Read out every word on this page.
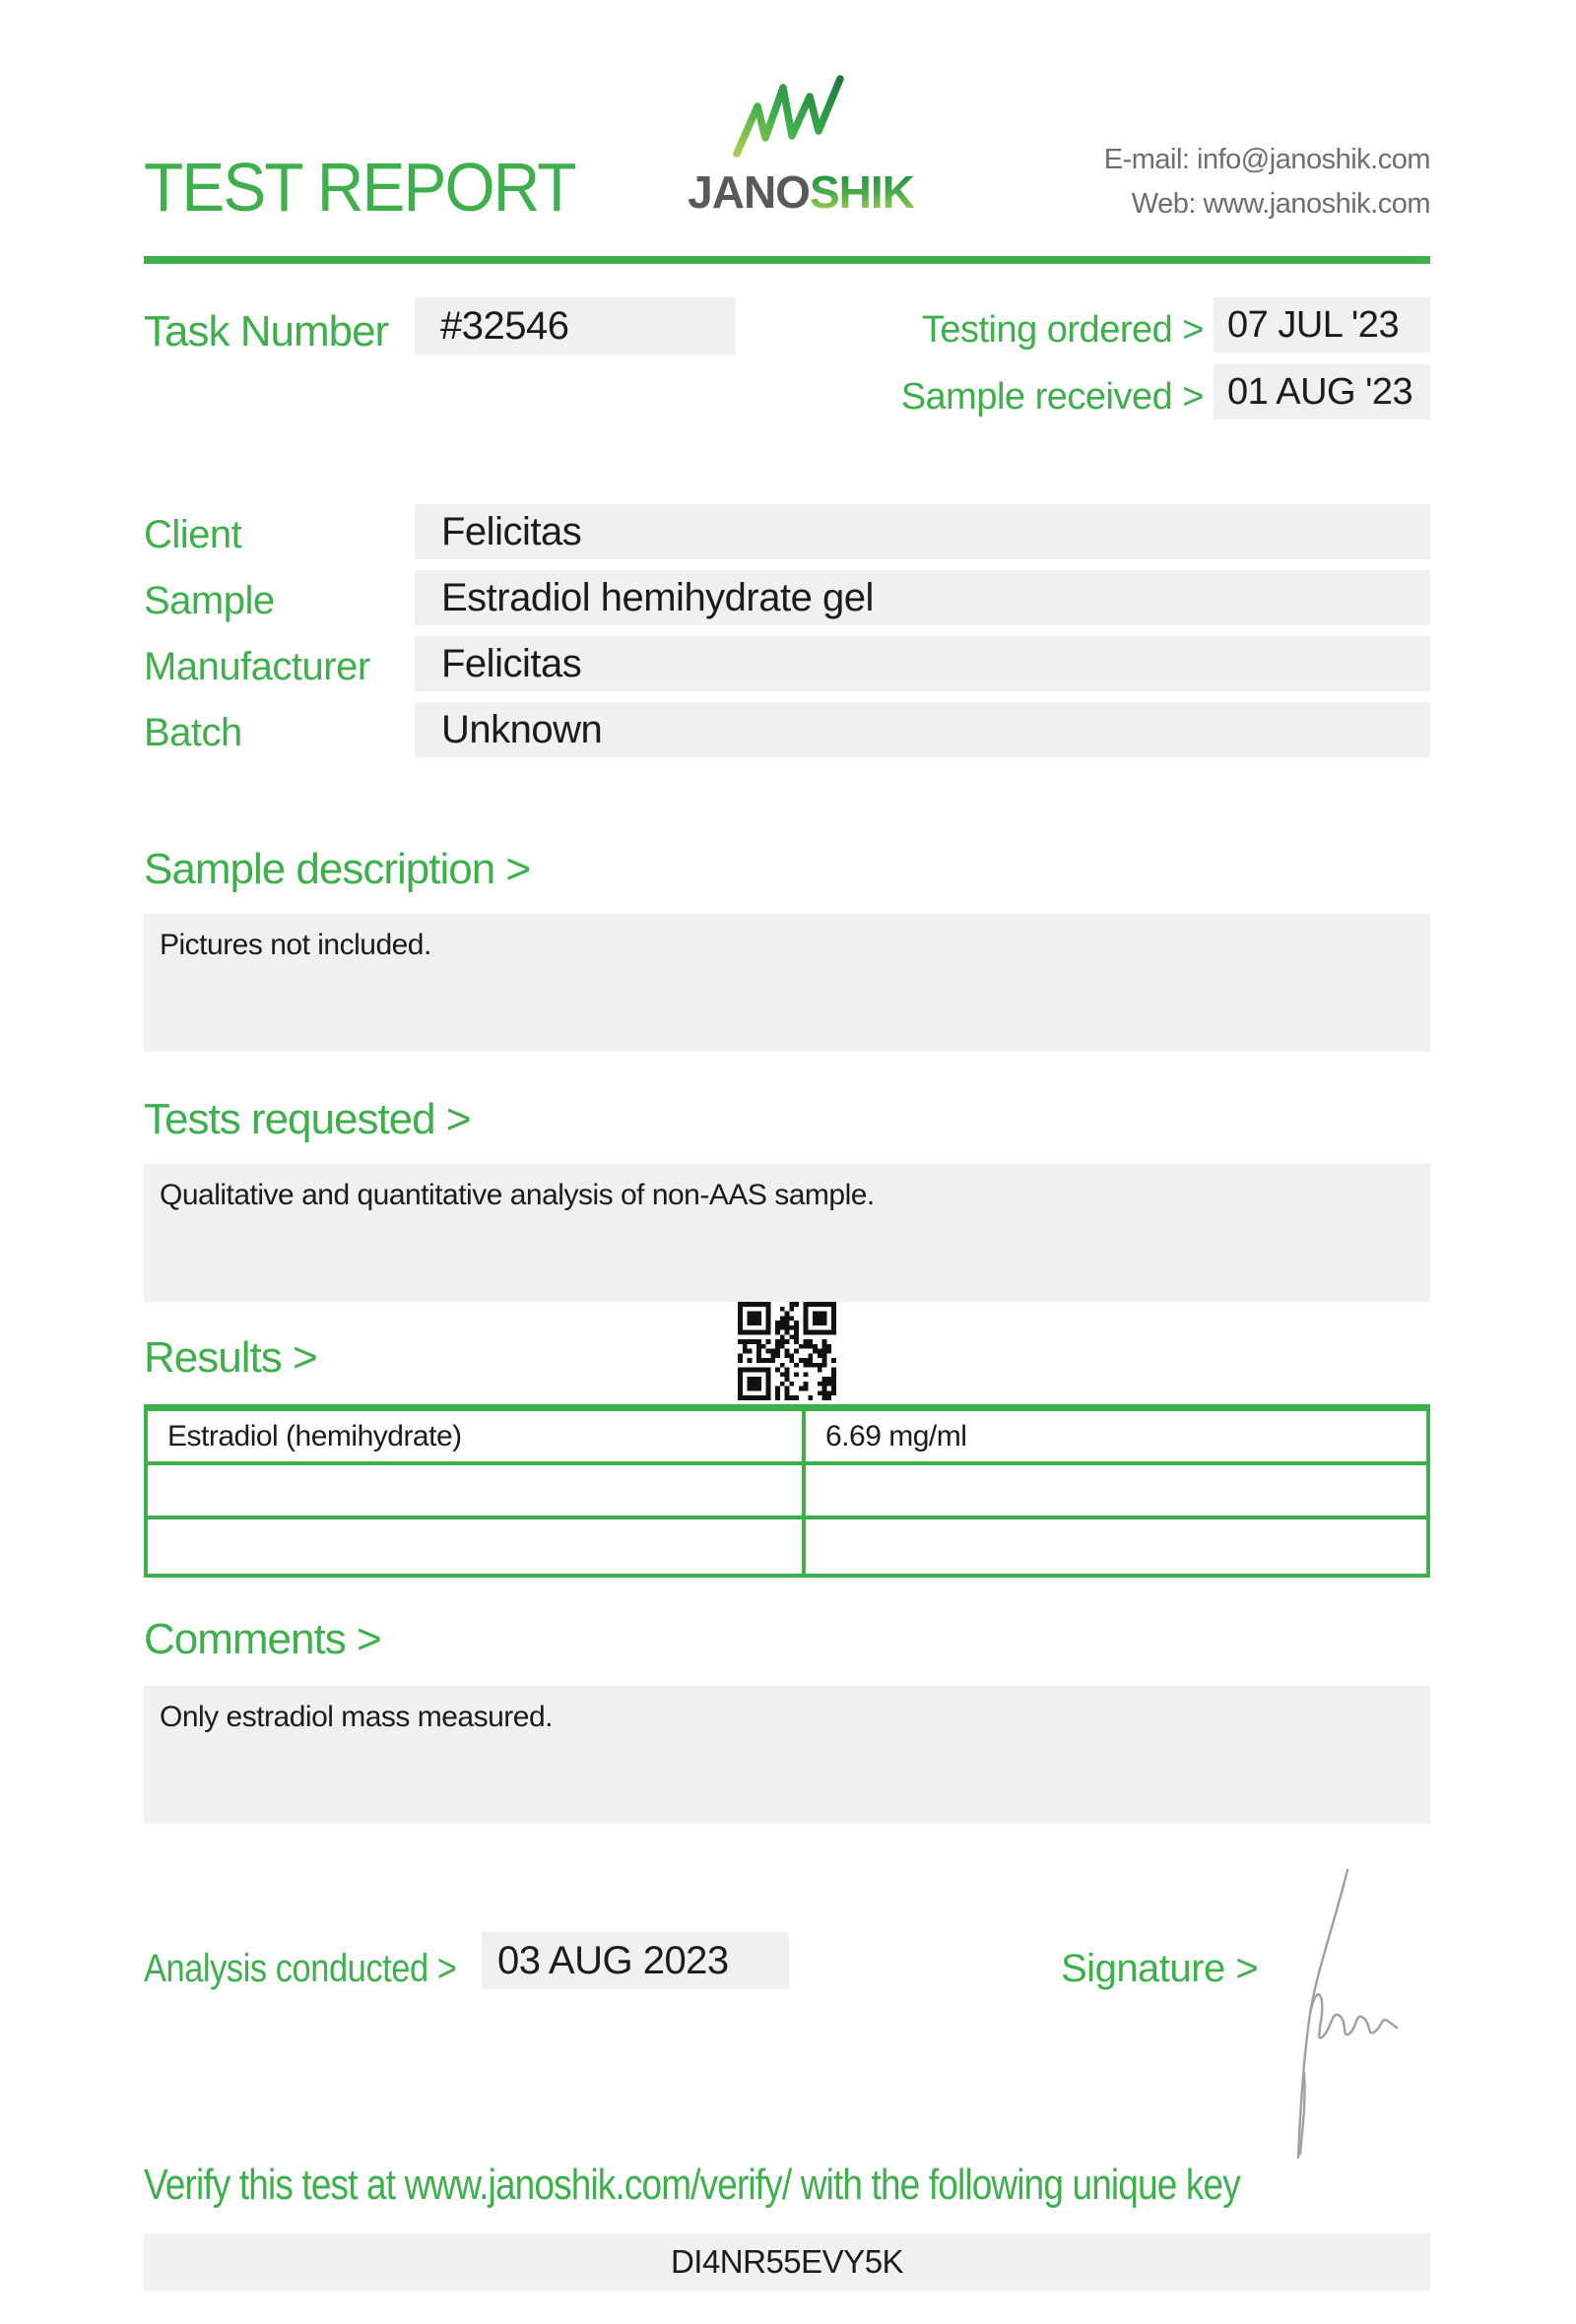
TEST REPORT JANOSHIK
E-mail: info@janoshik.com
Web: www.janoshik.com
Task Number	#32546	Testing ordered > 07 JUL '23
Sample received > 01 AUG '23
Client	Felicitas
Sample	Estradiol hemihydrate gel
Manufacturer	Felicitas
Batch	Unknown
Sample description >
Pictures not included.
Tests requested >
Qualitative and quantitative analysis of non-AAS sample.
Results >
Estradiol (hemihydrate)	6.69 mg/ml
Comments >
Only estradiol mass measured.
Analysis conducted >	03 AUG 2023	Signature >
Verify this test at www.janoshik.com/verify/ with the following unique key
DI4NR55EVY5K
